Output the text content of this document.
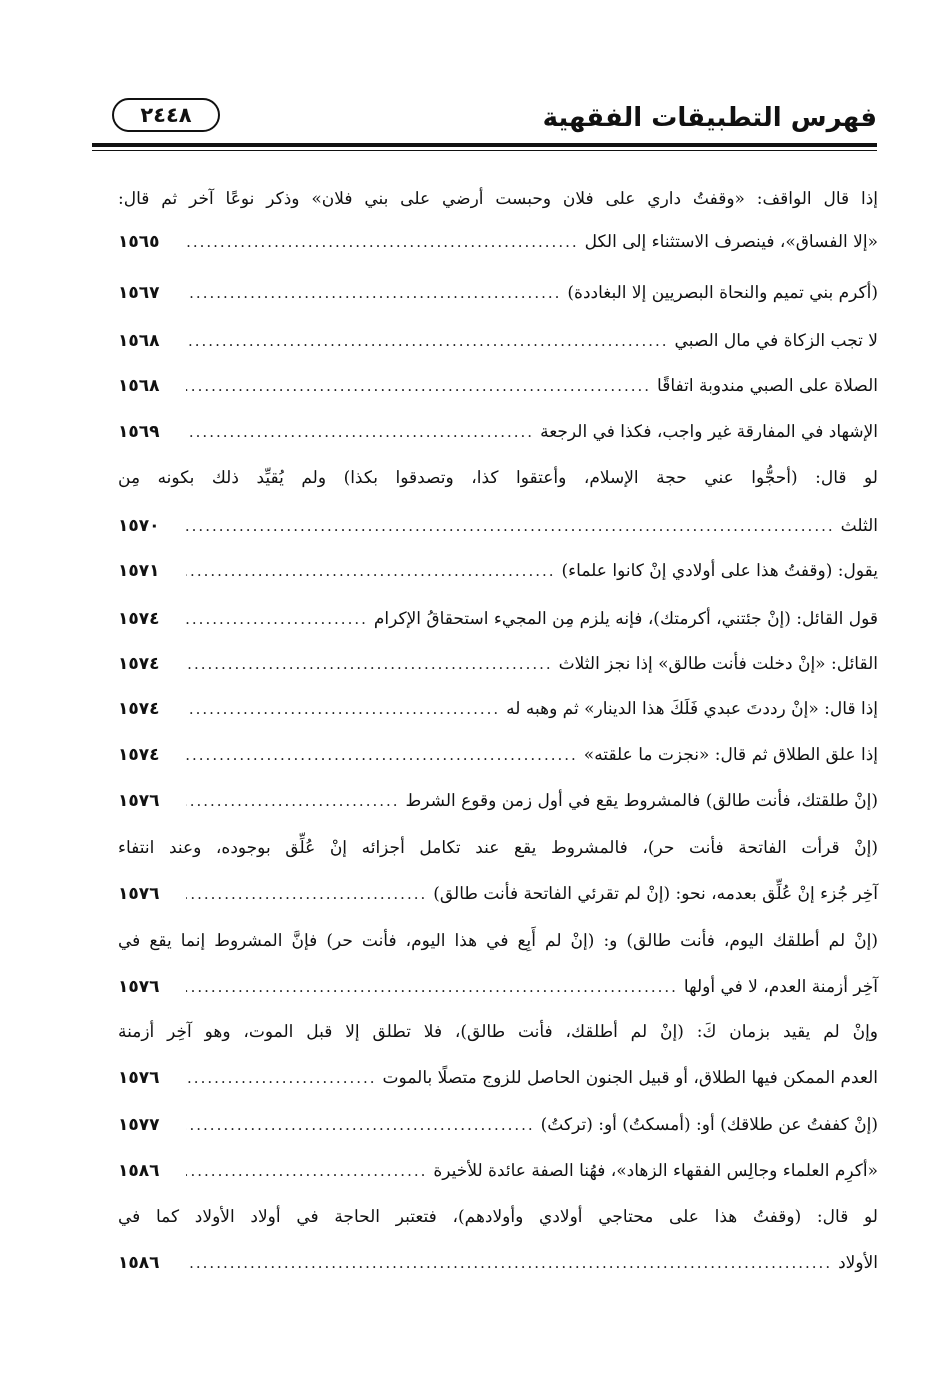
فهرس التطبيقات الفقهية
٢٤٤٨
إذا قال الواقف: «وقفتُ داري على فلان وحبست أرضي على بني فلان» وذكر نوعًا آخر ثم قال:
«إلا الفساق»، فينصرف الاستثناء إلى الكل
.....
١٥٦٥
(أكرم بني تميم والنحاة البصريين إلا البغاددة)
.....
١٥٦٧
لا تجب الزكاة في مال الصبي
.....
١٥٦٨
الصلاة على الصبي مندوبة اتفاقًا
.....
١٥٦٨
الإشهاد في المفارقة غير واجب، فكذا في الرجعة
.....
١٥٦٩
لو قال: (أحجُّوا عني حجة الإسلام، وأعتقوا كذا، وتصدقوا بكذا) ولم يُقيِّد ذلك بكونه مِن
الثلث
.....
١٥٧٠
يقول: (وقفتُ هذا على أولادي إنْ كانوا علماء)
.....
١٥٧١
قول القائل: (إنْ جئتني، أكرمتك)، فإنه يلزم مِن المجيء استحقاقُ الإكرام
.....
١٥٧٤
القائل: «إنْ دخلت فأنت طالق» إذا نجز الثلاث
.....
١٥٧٤
إذا قال: «إنْ رددتَ عبدي فَلَكَ هذا الدينار» ثم وهبه له
.....
١٥٧٤
إذا علق الطلاق ثم قال: «نجزت ما علقته»
.....
١٥٧٤
(إنْ طلقتك، فأنت طالق) فالمشروط يقع في أول زمن وقوع الشرط
.....
١٥٧٦
(إنْ قرأت الفاتحة فأنت حر)، فالمشروط يقع عند تكامل أجزائه إنْ عُلِّق بوجوده، وعند انتفاء
آخِر جُزء إنْ عُلِّق بعدمه، نحو: (إنْ لم تقرئي الفاتحة فأنت طالق)
.....
١٥٧٦
(إنْ لم أطلقك اليوم، فأنت طالق) و: (إنْ لم أَبِع في هذا اليوم، فأنت حر) فإنَّ المشروط إنما يقع في
آخِر أزمنة العدم، لا في أولها
.....
١٥٧٦
وإنْ لم يقيد بزمان كَ: (إنْ لم أطلقك، فأنت طالق)، فلا تطلق إلا قبل الموت، وهو آخِر أزمنة
العدم الممكن فيها الطلاق، أو قبيل الجنون الحاصل للزوج متصلًا بالموت
.....
١٥٧٦
(إنْ كففتُ عن طلاقك) أو: (أمسكتُ) أو: (تركتُ)
.....
١٥٧٧
«أكرِم العلماء وجالِس الفقهاء الزهاد»، فهُنا الصفة عائدة للأخيرة
.....
١٥٨٦
لو قال: (وقفتُ هذا على محتاجي أولادي وأولادهم)، فتعتبر الحاجة في أولاد الأولاد كما في
الأولاد
.....
١٥٨٦
